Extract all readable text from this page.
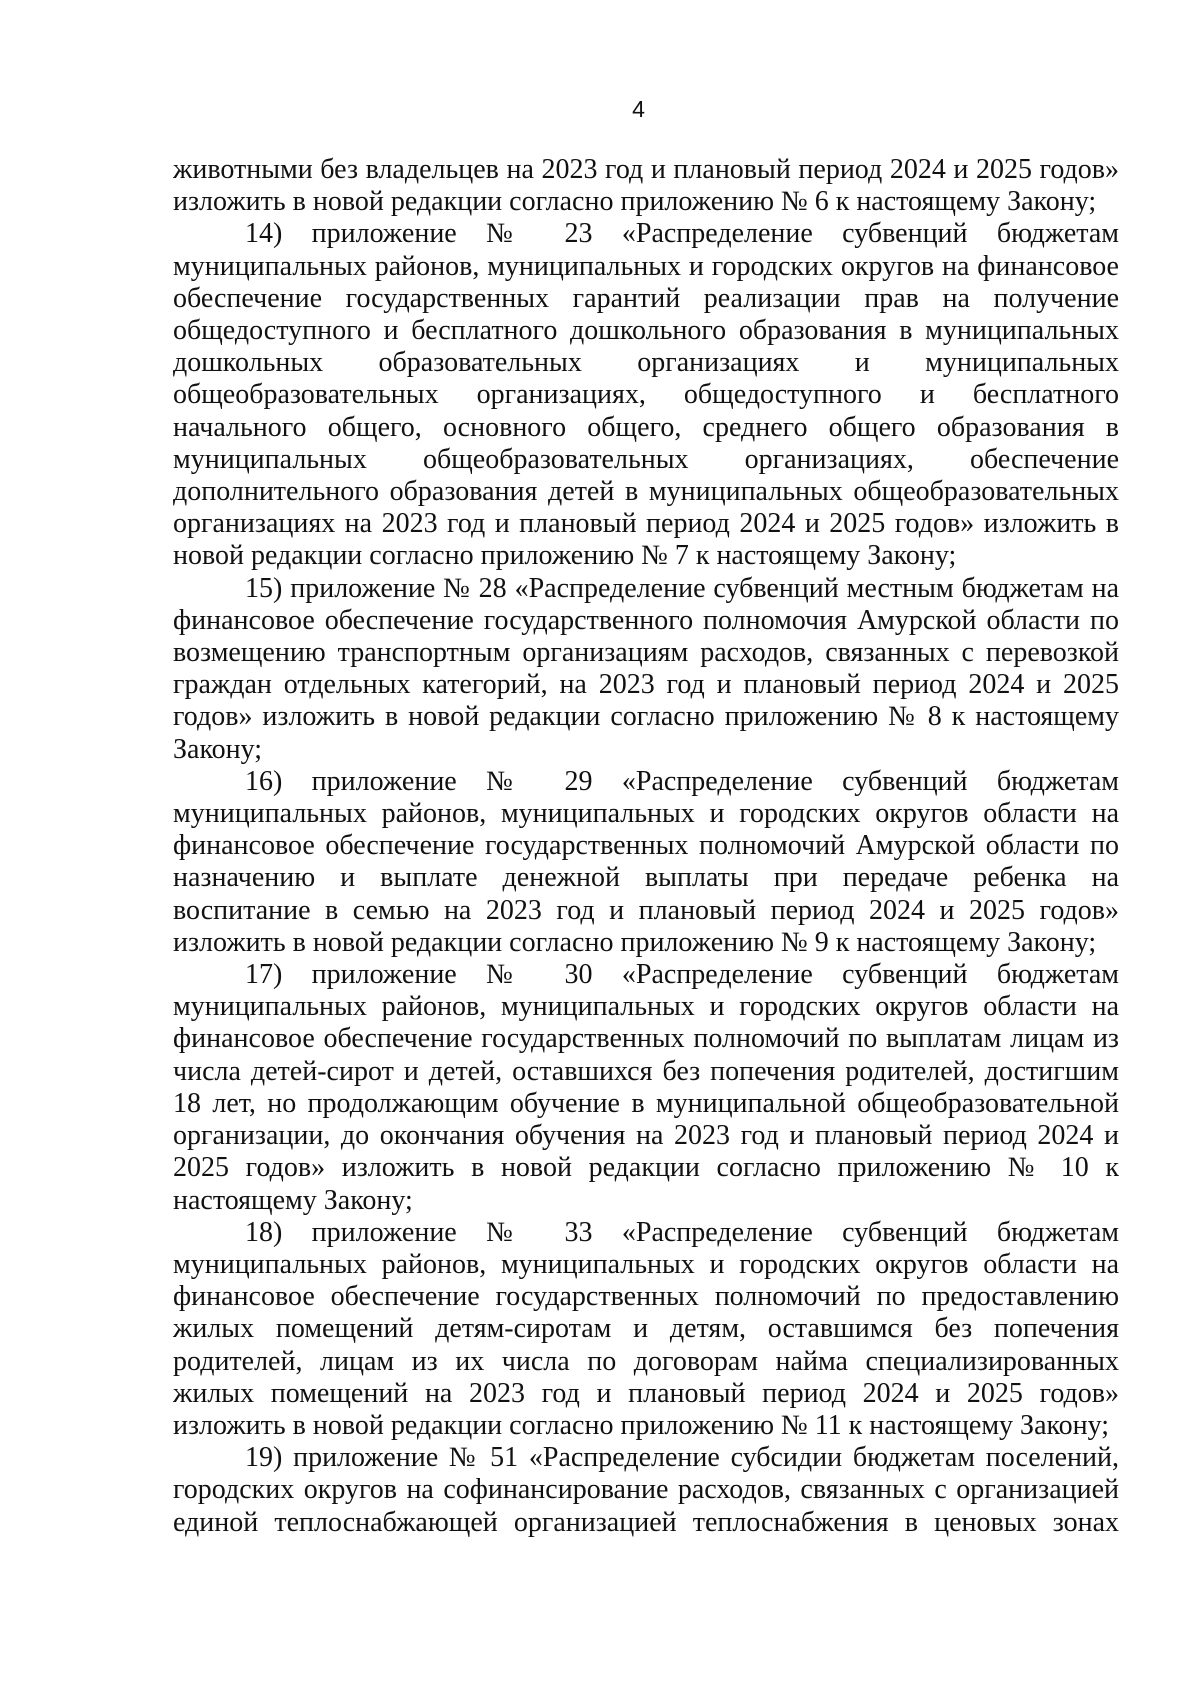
4

животными без владельцев на 2023 год и плановый период 2024 и 2025 годов» изложить в новой редакции согласно приложению № 6 к настоящему Закону;

14) приложение № 23 «Распределение субвенций бюджетам муниципальных районов, муниципальных и городских округов на финансовое обеспечение государственных гарантий реализации прав на получение общедоступного и бесплатного дошкольного образования в муниципальных дошкольных образовательных организациях и муниципальных общеобразовательных организациях, общедоступного и бесплатного начального общего, основного общего, среднего общего образования в муниципальных общеобразовательных организациях, обеспечение дополнительного образования детей в муниципальных общеобразовательных организациях на 2023 год и плановый период 2024 и 2025 годов» изложить в новой редакции согласно приложению № 7 к настоящему Закону;

15) приложение № 28 «Распределение субвенций местным бюджетам на финансовое обеспечение государственного полномочия Амурской области по возмещению транспортным организациям расходов, связанных с перевозкой граждан отдельных категорий, на 2023 год и плановый период 2024 и 2025 годов» изложить в новой редакции согласно приложению № 8 к настоящему Закону;

16) приложение № 29 «Распределение субвенций бюджетам муниципальных районов, муниципальных и городских округов области на финансовое обеспечение государственных полномочий Амурской области по назначению и выплате денежной выплаты при передаче ребенка на воспитание в семью на 2023 год и плановый период 2024 и 2025 годов» изложить в новой редакции согласно приложению № 9 к настоящему Закону;

17) приложение № 30 «Распределение субвенций бюджетам муниципальных районов, муниципальных и городских округов области на финансовое обеспечение государственных полномочий по выплатам лицам из числа детей-сирот и детей, оставшихся без попечения родителей, достигшим 18 лет, но продолжающим обучение в муниципальной общеобразовательной организации, до окончания обучения на 2023 год и плановый период 2024 и 2025 годов» изложить в новой редакции согласно приложению № 10 к настоящему Закону;

18) приложение № 33 «Распределение субвенций бюджетам муниципальных районов, муниципальных и городских округов области на финансовое обеспечение государственных полномочий по предоставлению жилых помещений детям-сиротам и детям, оставшимся без попечения родителей, лицам из их числа по договорам найма специализированных жилых помещений на 2023 год и плановый период 2024 и 2025 годов» изложить в новой редакции согласно приложению № 11 к настоящему Закону;

19) приложение № 51 «Распределение субсидии бюджетам поселений, городских округов на софинансирование расходов, связанных с организацией единой теплоснабжающей организацией теплоснабжения в ценовых зонах
